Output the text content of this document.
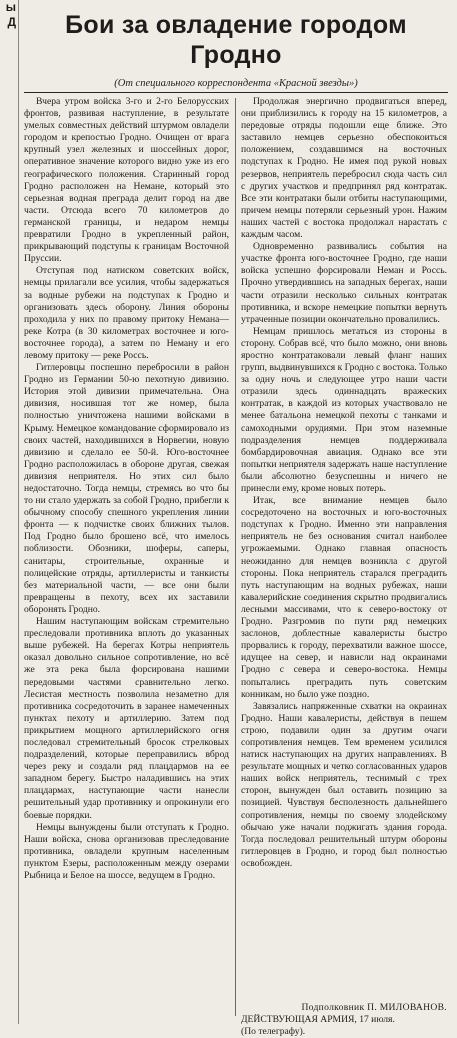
ы
Д

	Бои за овладение городом Гродно
(От специального корреспондента «Красной звезды»)

Вчера утром войска 3-го и 2-го Белорусских фронтов, развивая наступление, в результате умелых совместных действий штурмом овладели городом и крепостью Гродно. Очищен от врага крупный узел железных и шоссейных дорог, оперативное значение которого видно уже из его географического положения. Старинный город Гродно расположен на Немане, который это серьезная водная преграда делит город на две части. Отсюда всего 70 километров до германской границы, и недаром немцы превратили Гродно в укрепленный район, прикрывающий подступы к границам Восточной Пруссии.

Отступая под натиском советских войск, немцы прилагали все усилия, чтобы задержаться за водные рубежи на подступах к Гродно и организовать здесь оборону. Линия обороны проходила у них по правому притоку Немана—реке Котра (в 30 километрах восточнее и юго-восточнее города), а затем по Неману и его левому притоку — реке Россь.

Гитлеровцы поспешно перебросили в район Гродно из Германии 50-ю пехотную дивизию. История этой дивизии примечательна. Она дивизия, носившая тот же номер, была полностью уничтожена нашими войсками в Крыму. Немецкое командование сформировало из своих частей, находившихся в Норвегии, новую дивизию и сделало ее 50-й. Юго-восточнее Гродно расположилась в обороне другая, свежая дивизия неприятеля. Но этих сил было недостаточно. Тогда немцы, стремясь во что бы то ни стало удержать за собой Гродно, прибегли к обычному способу спешного укрепления линии фронта — к подчистке своих ближних тылов. Под Гродно было брошено всё, что имелось поблизости. Обозники, шоферы, саперы, санитары, строительные, охранные и полицейские отряды, артиллеристы и танкисты без материальной части, — все они были превращены в пехоту, всех их заставили оборонять Гродно.

Нашим наступающим войскам стремительно преследовали противника вплоть до указанных выше рубежей. На берегах Котры неприятель оказал довольно сильное сопротивление, но всё же эта река была форсирована нашими передовыми частями сравнительно легко. Лесистая местность позволила незаметно для противника сосредоточить в заранее намеченных пунктах пехоту и артиллерию. Затем под прикрытием мощного артиллерийского огня последовал стремительный бросок стрелковых подразделений, которые переправились вброд через реку и создали ряд плацдармов на ее западном берегу. Быстро наладившись на этих плацдармах, наступающие части нанесли решительный удар противнику и опрокинули его боевые порядки.

Немцы вынуждены были отступать к Гродно. Наши войска, снова организовав преследование противника, овладели крупным населенным пунктом Езеры, расположенным между озерами Рыбница и Белое на шоссе, ведущем в Гродно.

Продолжая энергично продвигаться вперед, они приблизились к городу на 15 километров, а передовые отряды подошли еще ближе. Это заставило немцев серьезно обеспокоиться положением, создавшимся на восточных подступах к Гродно. Не имея под рукой новых резервов, неприятель перебросил сюда часть сил с других участков и предпринял ряд контратак. Все эти контратаки были отбиты наступающими, причем немцы потеряли серьезный урон. Нажим наших частей с востока продолжал нарастать с каждым часом.

Одновременно развивались события на участке фронта юго-восточнее Гродно, где наши войска успешно форсировали Неман и Россь. Прочно утвердившись на западных берегах, наши части отразили несколько сильных контратак противника, и вскоре немецкие попытки вернуть утраченные позиции окончательно провалились.

Немцам пришлось метаться из стороны в сторону. Собрав всё, что было можно, они вновь яростно контратаковали левый фланг наших групп, выдвинувшихся к Гродно с востока. Только за одну ночь и следующее утро наши части отразили здесь одиннадцать вражеских контратак, в каждой из которых участвовало не менее батальона немецкой пехоты с танками и самоходными орудиями. При этом наземные подразделения немцев поддерживала бомбардировочная авиация. Однако все эти попытки неприятеля задержать наше наступление были абсолютно безуспешны и ничего не принесли ему, кроме новых потерь.

Итак, все внимание немцев было сосредоточено на восточных и юго-восточных подступах к Гродно. Именно эти направления неприятель не без основания считал наиболее угрожаемыми. Однако главная опасность неожиданно для немцев возникла с другой стороны. Пока неприятель старался преградить путь наступающим на водных рубежах, наши кавалерийские соединения скрытно продвигались лесными массивами, что к северо-востоку от Гродно. Разгромив по пути ряд немецких заслонов, доблестные кавалеристы быстро прорвались к городу, перехватили важное шоссе, идущее на север, и нависли над окраинами Гродно с севера и северо-востока. Немцы попытались преградить путь советским конникам, но было уже поздно.

Завязались напряженные схватки на окраинах Гродно. Наши кавалеристы, действуя в пешем строю, подавили один за другим очаги сопротивления немцев. Тем временем усилился натиск наступающих на других направлениях. В результате мощных и четко согласованных ударов наших войск неприятель, теснимый с трех сторон, вынужден был оставить позицию за позицией. Чувствуя бесполезность дальнейшего сопротивления, немцы по своему злодейскому обычаю уже начали поджигать здания города. Тогда последовал решительный штурм обороны гитлеровцев в Гродно, и город был полностью освобожден.

Подполковник П. МИЛОВАНОВ.
ДЕЙСТВУЮЩАЯ АРМИЯ, 17 июля.
(По телеграфу).
